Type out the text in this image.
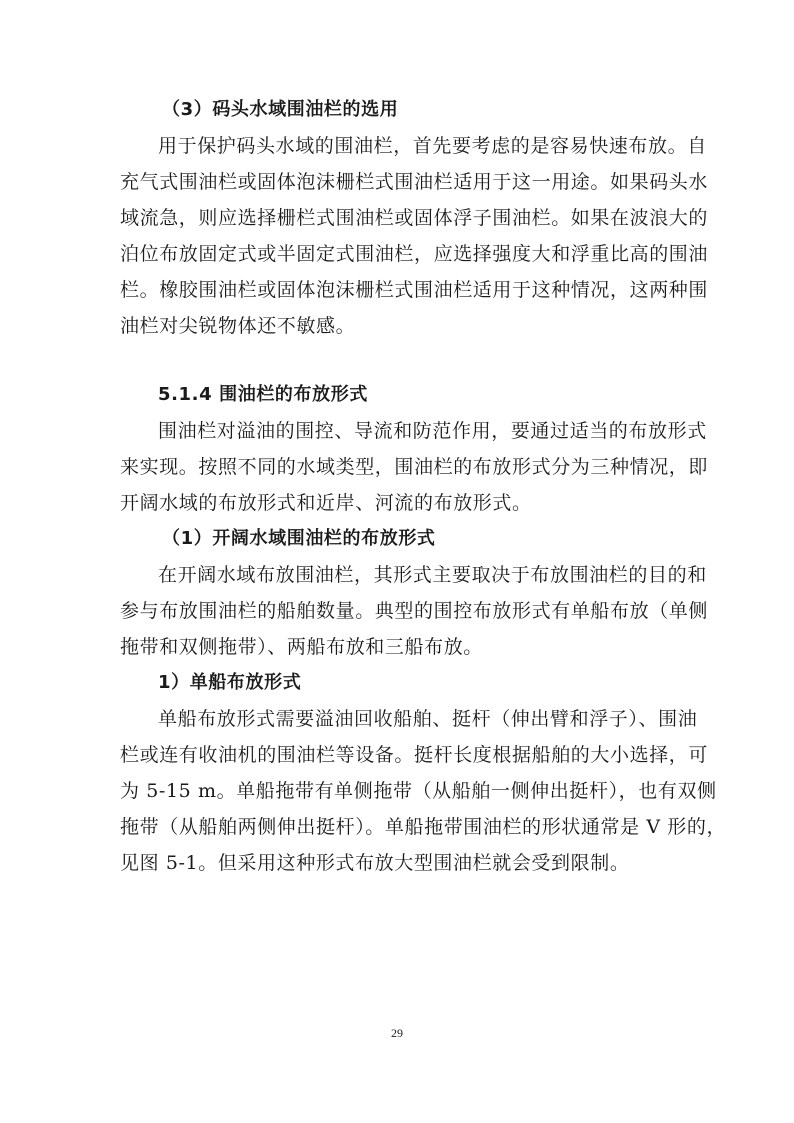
（3）码头水域围油栏的选用
用于保护码头水域的围油栏，首先要考虑的是容易快速布放。自
充气式围油栏或固体泡沫栅栏式围油栏适用于这一用途。如果码头水
域流急，则应选择栅栏式围油栏或固体浮子围油栏。如果在波浪大的
泊位布放固定式或半固定式围油栏，应选择强度大和浮重比高的围油
栏。橡胶围油栏或固体泡沫栅栏式围油栏适用于这种情况，这两种围
油栏对尖锐物体还不敏感。
5.1.4 围油栏的布放形式
围油栏对溢油的围控、导流和防范作用，要通过适当的布放形式
来实现。按照不同的水域类型，围油栏的布放形式分为三种情况，即
开阔水域的布放形式和近岸、河流的布放形式。
（1）开阔水域围油栏的布放形式
在开阔水域布放围油栏，其形式主要取决于布放围油栏的目的和
参与布放围油栏的船舶数量。典型的围控布放形式有单船布放（单侧
拖带和双侧拖带）、两船布放和三船布放。
1）单船布放形式
单船布放形式需要溢油回收船舶、挺杆（伸出臂和浮子）、围油
栏或连有收油机的围油栏等设备。挺杆长度根据船舶的大小选择，可
为 5-15 m。单船拖带有单侧拖带（从船舶一侧伸出挺杆），也有双侧
拖带（从船舶两侧伸出挺杆）。单船拖带围油栏的形状通常是 V 形的，
见图 5-1。但采用这种形式布放大型围油栏就会受到限制。
29
